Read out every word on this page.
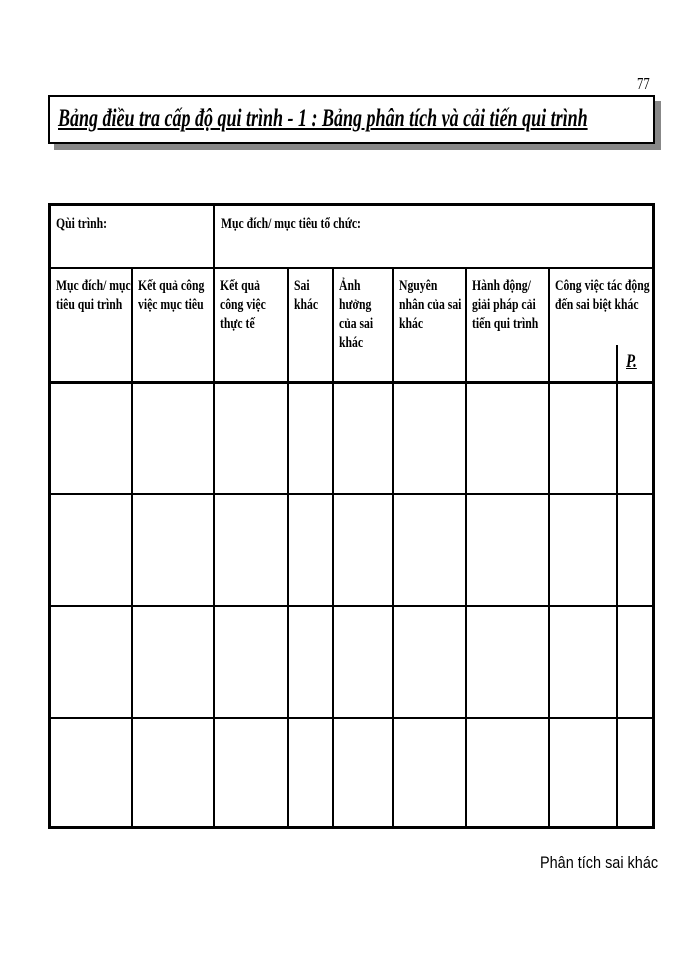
77
Bảng điều tra cấp độ qui trình - 1 : Bảng phân tích và cải tiến qui trình
Qùi trình:	Mục đích/ mục tiêu tổ chức:
Mục đích/ mục
tiêu qui trình
Kết quả công
việc mục tiêu
Kết quả
công việc
thực tế
Sai
khác
Ảnh
hưởng
của sai
khác
Nguyên
nhân của sai
khác
Hành động/
giải pháp cải
tiến qui trình
Công việc tác động
đến sai biệt khác
P.
Phân tích sai khác
